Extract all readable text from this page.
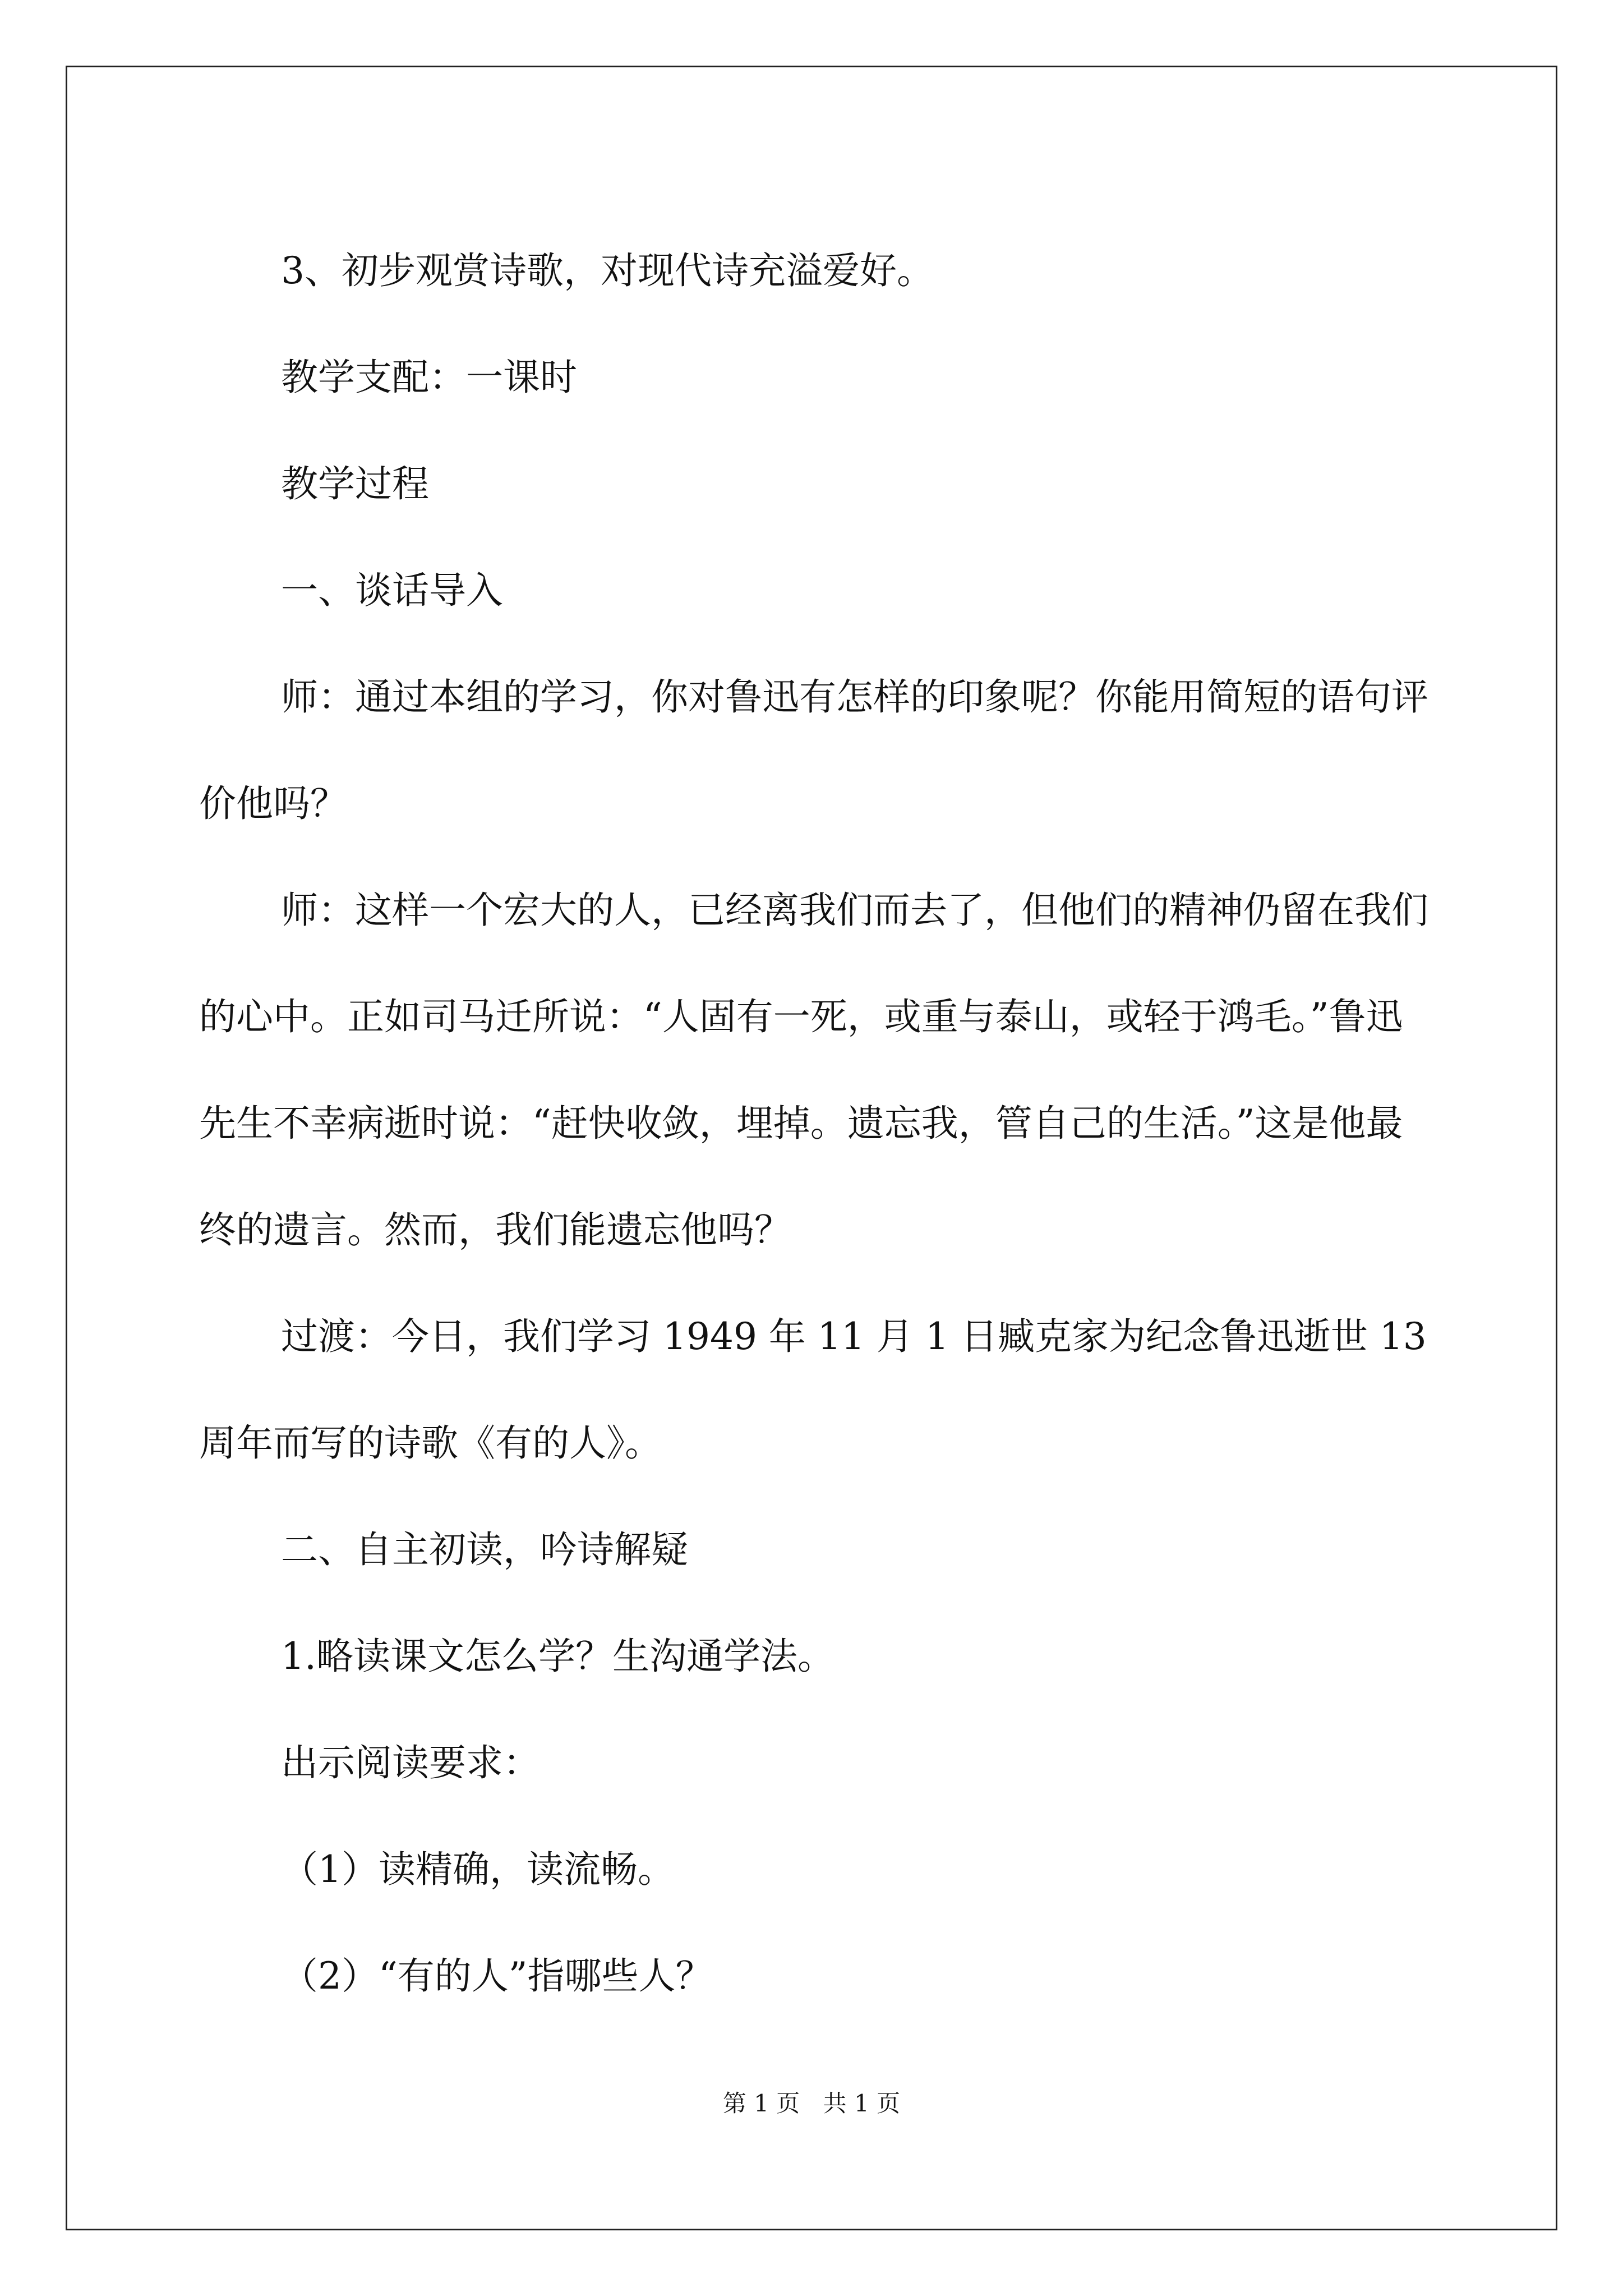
3、初步观赏诗歌，对现代诗充溢爱好。

教学支配：一课时

教学过程

一、谈话导入

师：通过本组的学习，你对鲁迅有怎样的印象呢？你能用简短的语句评价他吗？

师：这样一个宏大的人，已经离我们而去了，但他们的精神仍留在我们的心中。正如司马迁所说：“人固有一死，或重与泰山，或轻于鸿毛。”鲁迅先生不幸病逝时说：“赶快收敛，埋掉。遗忘我，管自己的生活。”这是他最终的遗言。然而，我们能遗忘他吗？

过渡：今日，我们学习 1949 年 11 月 1 日臧克家为纪念鲁迅逝世 13 周年而写的诗歌《有的人》。

二、自主初读，吟诗解疑

1.略读课文怎么学？生沟通学法。

出示阅读要求：

（1）读精确，读流畅。

（2）“有的人”指哪些人？

第 1 页 共 1 页
